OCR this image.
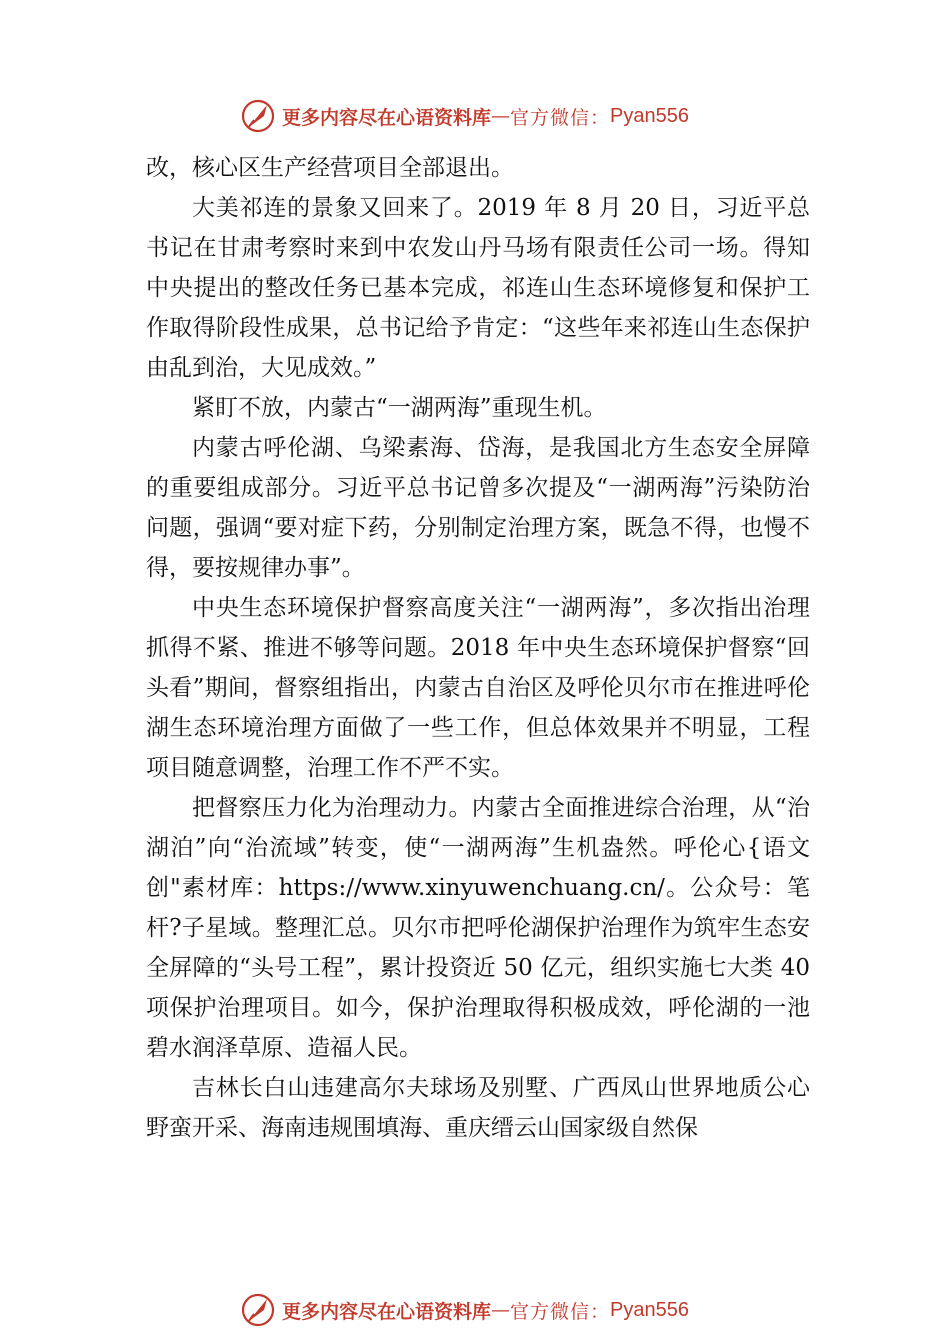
更多内容尽在心语资料库 — 官方微信： Pyan556

改，核心区生产经营项目全部退出。

大美祁连的景象又回来了。2019 年 8 月 20 日，习近平总书记在甘肃考察时来到中农发山丹马场有限责任公司一场。得知中央提出的整改任务已基本完成，祁连山生态环境修复和保护工作取得阶段性成果，总书记给予肯定：“这些年来祁连山生态保护由乱到治，大见成效。”

紧盯不放，内蒙古“一湖两海”重现生机。

内蒙古呼伦湖、乌梁素海、岱海，是我国北方生态安全屏障的重要组成部分。习近平总书记曾多次提及“一湖两海”污染防治问题，强调“要对症下药，分别制定治理方案，既急不得，也慢不得，要按规律办事”。

中央生态环境保护督察高度关注“一湖两海”，多次指出治理抓得不紧、推进不够等问题。2018 年中央生态环境保护督察“回头看”期间，督察组指出，内蒙古自治区及呼伦贝尔市在推进呼伦湖生态环境治理方面做了一些工作，但总体效果并不明显，工程项目随意调整，治理工作不严不实。

把督察压力化为治理动力。内蒙古全面推进综合治理，从“治湖泊”向“治流域”转变，使“一湖两海”生机盎然。呼伦心{语文创"素材库：https://www.xinyuwenchuang.cn/。公众号：笔杆?子星域。整理汇总。贝尔市把呼伦湖保护治理作为筑牢生态安全屏障的“头号工程”，累计投资近 50 亿元，组织实施七大类 40 项保护治理项目。如今，保护治理取得积极成效，呼伦湖的一池碧水润泽草原、造福人民。

吉林长白山违建高尔夫球场及别墅、广西凤山世界地质公心野蛮开采、海南违规围填海、重庆缙云山国家级自然保

更多内容尽在心语资料库 — 官方微信： Pyan556
